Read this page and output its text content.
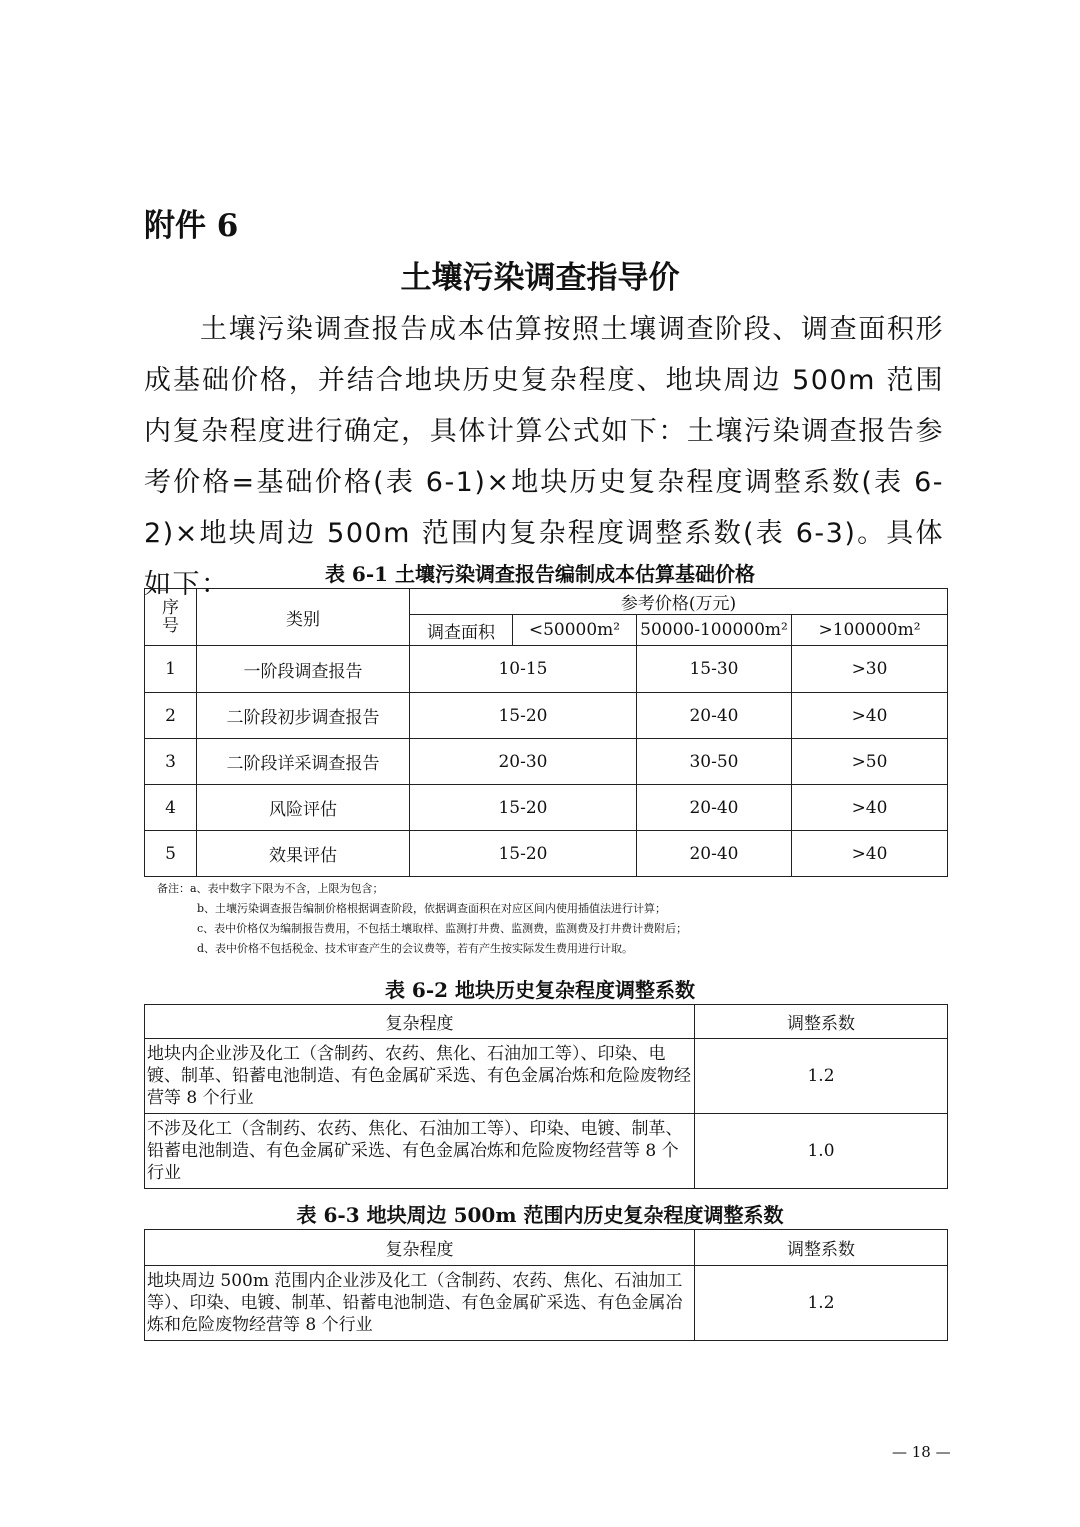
附件 6
土壤污染调查指导价

土壤污染调查报告成本估算按照土壤调查阶段、调查面积形成基础价格，并结合地块历史复杂程度、地块周边 500m 范围内复杂程度进行确定，具体计算公式如下：土壤污染调查报告参考价格=基础价格(表 6-1)×地块历史复杂程度调整系数(表 6-2)×地块周边 500m 范围内复杂程度调整系数(表 6-3)。具体如下：	表 6-1 土壤污染调查报告编制成本估算基础价格
序
号	类别	参考价格(万元)			
		调查面积	<50000m²	50000-100000m²	>100000m²
1	一阶段调查报告	10-15		15-30	>30
2	二阶段初步调查报告	15-20		20-40	>40
3	二阶段详采调查报告	20-30		30-50	>50
4	风险评估	15-20		20-40	>40
5	效果评估	15-20		20-40	>40
备注：a、表中数字下限为不含，上限为包含；
b、土壤污染调查报告编制价格根据调查阶段，依据调查面积在对应区间内使用插值法进行计算；
c、表中价格仅为编制报告费用，不包括土壤取样、监测打井费、监测费，监测费及打井费计费附后；
d、表中价格不包括税金、技术审查产生的会议费等，若有产生按实际发生费用进行计取。
表 6-2 地块历史复杂程度调整系数
复杂程度	调整系数
地块内企业涉及化工（含制药、农药、焦化、石油加工等）、印染、电镀、制革、铅蓄电池制造、有色金属矿采选、有色金属冶炼和危险废物经营等 8 个行业	1.2
不涉及化工（含制药、农药、焦化、石油加工等）、印染、电镀、制革、铅蓄电池制造、有色金属矿采选、有色金属冶炼和危险废物经营等 8 个行业	1.0
表 6-3 地块周边 500m 范围内历史复杂程度调整系数
复杂程度	调整系数
地块周边 500m 范围内企业涉及化工（含制药、农药、焦化、石油加工等）、印染、电镀、制革、铅蓄电池制造、有色金属矿采选、有色金属冶炼和危险废物经营等 8 个行业	1.2
— 18 —
